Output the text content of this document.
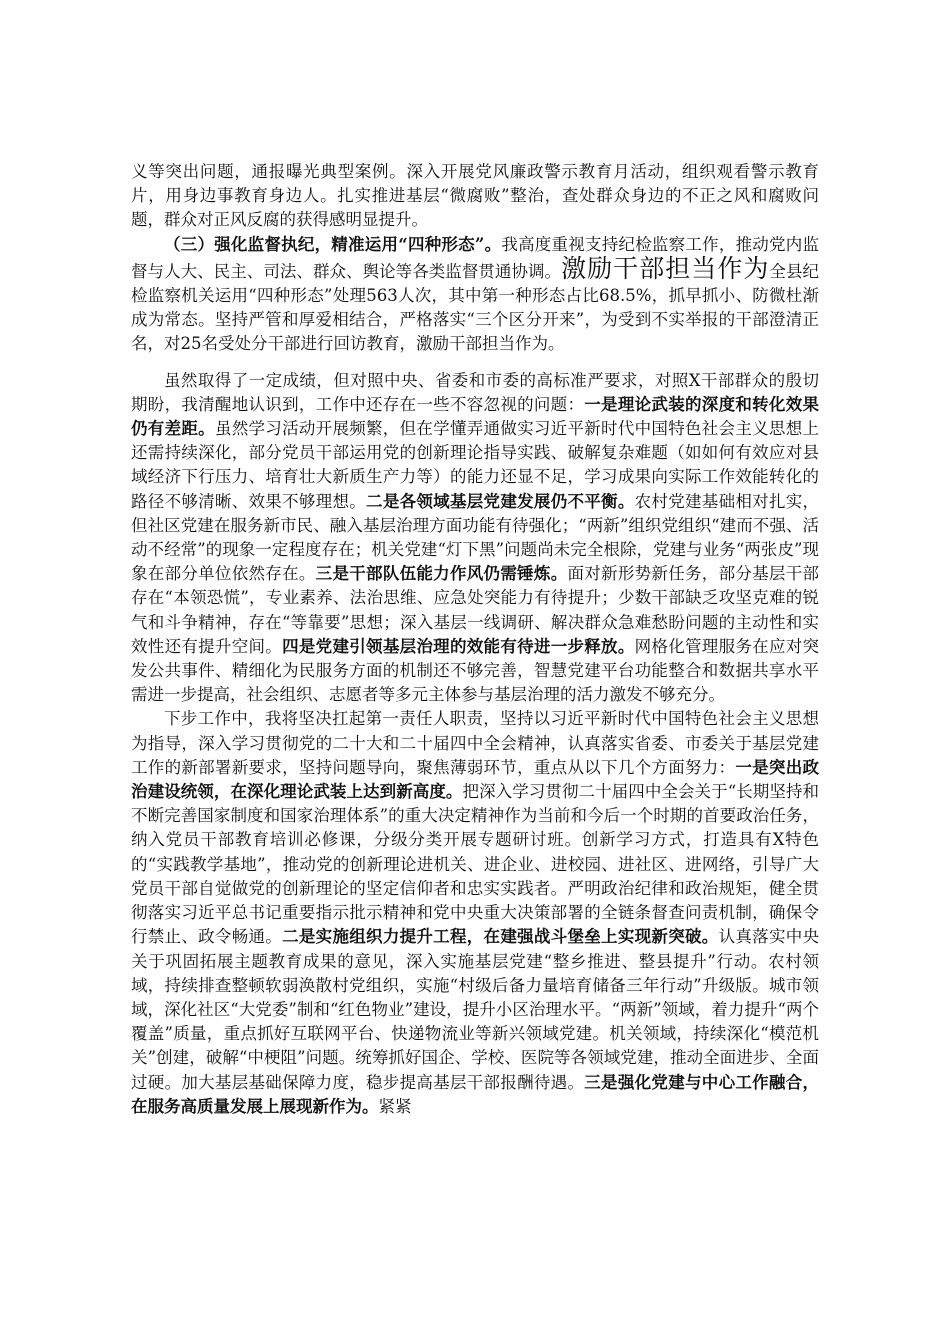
义等突出问题，通报曝光典型案例。深入开展党风廉政警示教育月活动，组织观看警示教育片，用身边事教育身边人。扎实推进基层“微腐败”整治，查处群众身边的不正之风和腐败问题，群众对正风反腐的获得感明显提升。

（三）强化监督执纪，精准运用“四种形态”。我高度重视支持纪检监察工作，推动党内监督与人大、民主、司法、群众、舆论等各类监督贯通协调。激励干部担当作为全县纪检监察机关运用“四种形态”处理563人次，其中第一种形态占比68.5%，抓早抓小、防微杜渐成为常态。坚持严管和厚爱相结合，严格落实“三个区分开来”，为受到不实举报的干部澄清正名，对25名受处分干部进行回访教育，激励干部担当作为。

虽然取得了一定成绩，但对照中央、省委和市委的高标准严要求，对照X干部群众的殷切期盼，我清醒地认识到，工作中还存在一些不容忽视的问题：一是理论武装的深度和转化效果仍有差距。虽然学习活动开展频繁，但在学懂弄通做实习近平新时代中国特色社会主义思想上还需持续深化，部分党员干部运用党的创新理论指导实践、破解复杂难题（如如何有效应对县域经济下行压力、培育壮大新质生产力等）的能力还显不足，学习成果向实际工作效能转化的路径不够清晰、效果不够理想。二是各领域基层党建发展仍不平衡。农村党建基础相对扎实，但社区党建在服务新市民、融入基层治理方面功能有待强化；“两新”组织党组织“建而不强、活动不经常”的现象一定程度存在；机关党建“灯下黑”问题尚未完全根除，党建与业务“两张皮”现象在部分单位依然存在。三是干部队伍能力作风仍需锤炼。面对新形势新任务，部分基层干部存在“本领恐慌”，专业素养、法治思维、应急处突能力有待提升；少数干部缺乏攻坚克难的锐气和斗争精神，存在“等靠要”思想；深入基层一线调研、解决群众急难愁盼问题的主动性和实效性还有提升空间。四是党建引领基层治理的效能有待进一步释放。网格化管理服务在应对突发公共事件、精细化为民服务方面的机制还不够完善，智慧党建平台功能整合和数据共享水平需进一步提高，社会组织、志愿者等多元主体参与基层治理的活力激发不够充分。

下步工作中，我将坚决扛起第一责任人职责，坚持以习近平新时代中国特色社会主义思想为指导，深入学习贯彻党的二十大和二十届四中全会精神，认真落实省委、市委关于基层党建工作的新部署新要求，坚持问题导向，聚焦薄弱环节，重点从以下几个方面努力：一是突出政治建设统领，在深化理论武装上达到新高度。把深入学习贯彻二十届四中全会关于“长期坚持和不断完善国家制度和国家治理体系”的重大决定精神作为当前和今后一个时期的首要政治任务，纳入党员干部教育培训必修课，分级分类开展专题研讨班。创新学习方式，打造具有X特色的“实践教学基地”，推动党的创新理论进机关、进企业、进校园、进社区、进网络，引导广大党员干部自觉做党的创新理论的坚定信仰者和忠实实践者。严明政治纪律和政治规矩，健全贯彻落实习近平总书记重要指示批示精神和党中央重大决策部署的全链条督查问责机制，确保令行禁止、政令畅通。二是实施组织力提升工程，在建强战斗堡垒上实现新突破。认真落实中央关于巩固拓展主题教育成果的意见，深入实施基层党建“整乡推进、整县提升”行动。农村领域，持续排查整顿软弱涣散村党组织，实施“村级后备力量培育储备三年行动”升级版。城市领域，深化社区“大党委”制和“红色物业”建设，提升小区治理水平。“两新”领域，着力提升“两个覆盖”质量，重点抓好互联网平台、快递物流业等新兴领域党建。机关领域，持续深化“模范机关”创建，破解“中梗阻”问题。统筹抓好国企、学校、医院等各领域党建，推动全面进步、全面过硬。加大基层基础保障力度，稳步提高基层干部报酬待遇。三是强化党建与中心工作融合，在服务高质量发展上展现新作为。紧紧
